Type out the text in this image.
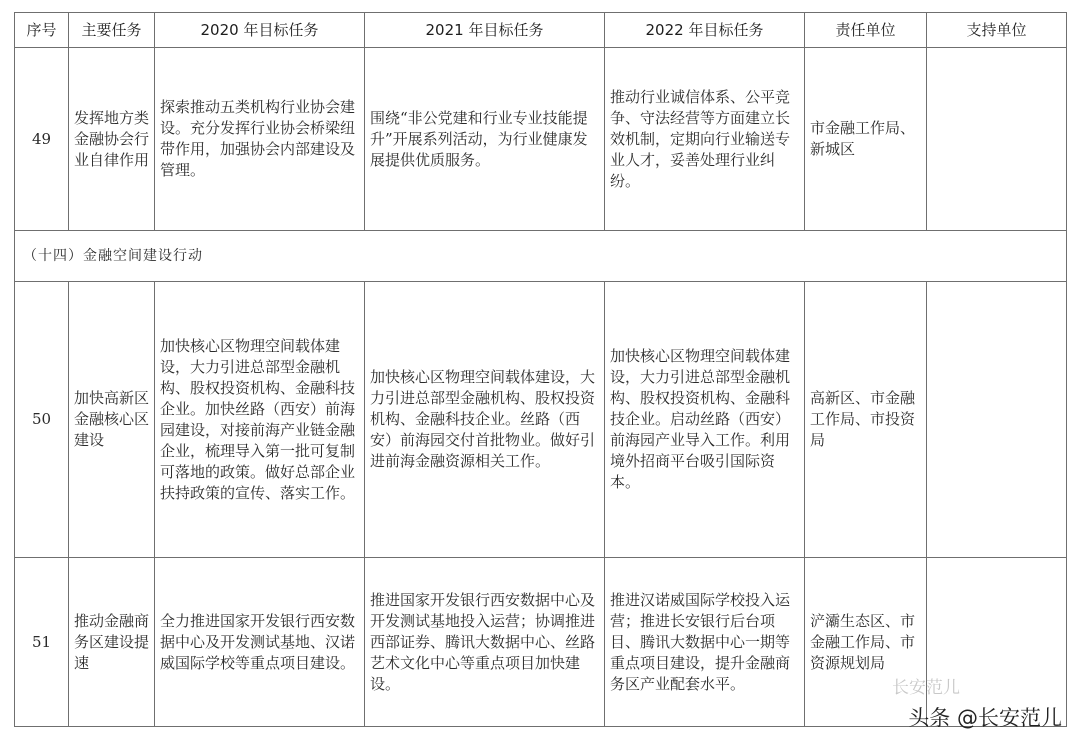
序号	主要任务	2020 年目标任务	2021 年目标任务	2022 年目标任务	责任单位	支持单位
49	发挥地方类金融协会行业自律作用	探索推动五类机构行业协会建设。充分发挥行业协会桥梁纽带作用，加强协会内部建设及管理。	围绕“非公党建和行业专业技能提升”开展系列活动，为行业健康发展提供优质服务。	推动行业诚信体系、公平竞争、守法经营等方面建立长效机制，定期向行业输送专业人才，妥善处理行业纠纷。	市金融工作局、新城区	
（十四）金融空间建设行动						
50	加快高新区金融核心区建设	加快核心区物理空间载体建设，大力引进总部型金融机构、股权投资机构、金融科技企业。加快丝路（西安）前海园建设，对接前海产业链金融企业，梳理导入第一批可复制可落地的政策。做好总部企业扶持政策的宣传、落实工作。	加快核心区物理空间载体建设，大力引进总部型金融机构、股权投资机构、金融科技企业。丝路（西安）前海园交付首批物业。做好引进前海金融资源相关工作。	加快核心区物理空间载体建设，大力引进总部型金融机构、股权投资机构、金融科技企业。启动丝路（西安）前海园产业导入工作。利用境外招商平台吸引国际资本。	高新区、市金融工作局、市投资局	
51	推动金融商务区建设提速	全力推进国家开发银行西安数据中心及开发测试基地、汉诺威国际学校等重点项目建设。	推进国家开发银行西安数据中心及开发测试基地投入运营；协调推进西部证券、腾讯大数据中心、丝路艺术文化中心等重点项目加快建设。	推进汉诺威国际学校投入运营；推进长安银行后台项目、腾讯大数据中心一期等重点项目建设，提升金融商务区产业配套水平。	浐灞生态区、市金融工作局、市资源规划局	
长安范儿
头条 @长安范儿
